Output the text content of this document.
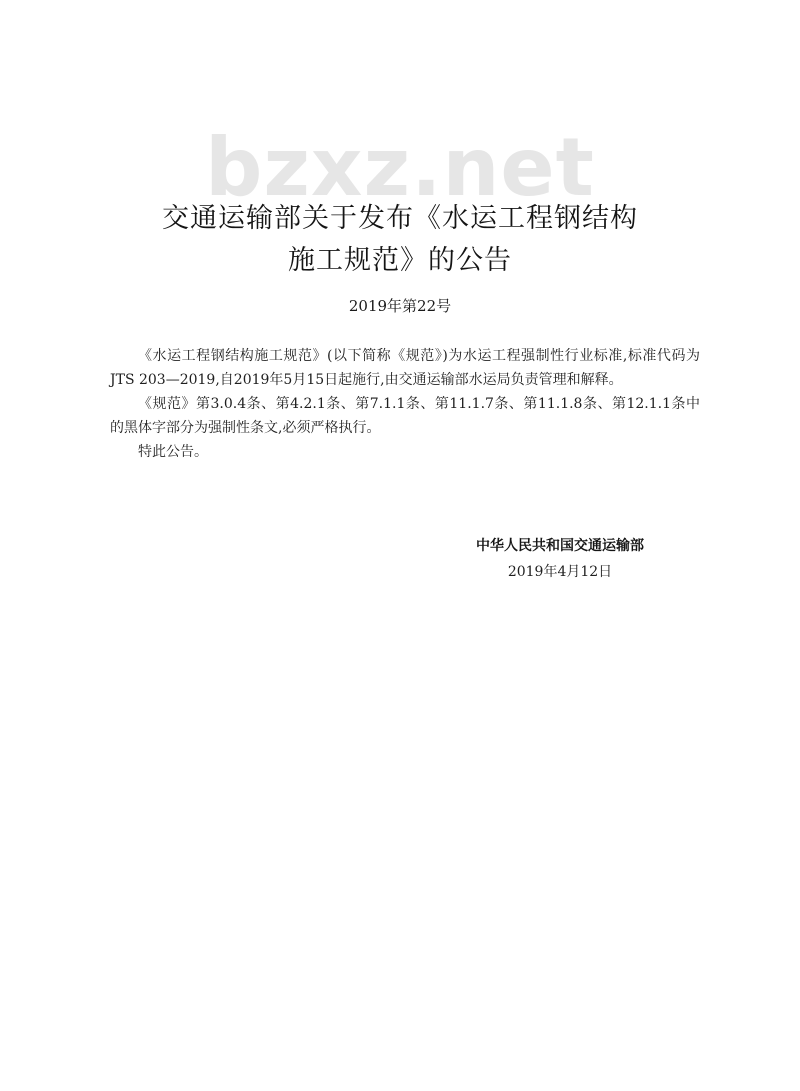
bzxz.net
交通运输部关于发布《水运工程钢结构
施工规范》的公告
2019年第22号

《水运工程钢结构施工规范》(以下简称《规范》)为水运工程强制性行业标准,标准代码为JTS 203—2019,自2019年5月15日起施行,由交通运输部水运局负责管理和解释。

《规范》第3.0.4条、第4.2.1条、第7.1.1条、第11.1.7条、第11.1.8条、第12.1.1条中的黑体字部分为强制性条文,必须严格执行。

特此公告。

中华人民共和国交通运输部
2019年4月12日
